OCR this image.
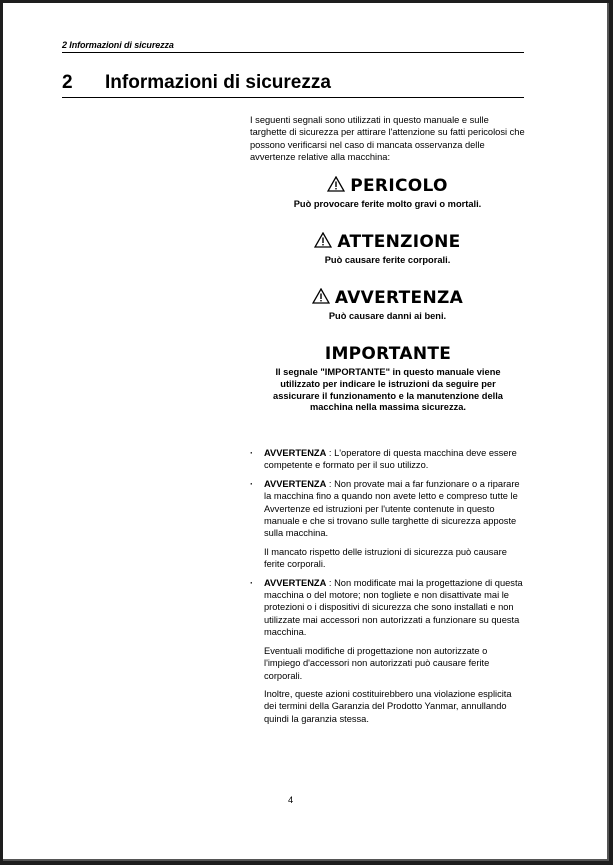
2 Informazioni di sicurezza
2 Informazioni di sicurezza
I seguenti segnali sono utilizzati in questo manuale e sulle targhette di sicurezza per attirare l'attenzione su fatti pericolosi che possono verificarsi nel caso di mancata osservanza delle avvertenze relative alla macchina:
PERICOLO
Può provocare ferite molto gravi o mortali.
ATTENZIONE
Può causare ferite corporali.
AVVERTENZA
Può causare danni ai beni.
IMPORTANTE
Il segnale "IMPORTANTE" in questo manuale viene utilizzato per indicare le istruzioni da seguire per assicurare il funzionamento e la manutenzione della macchina nella massima sicurezza.
· AVVERTENZA : L'operatore di questa macchina deve essere competente e formato per il suo utilizzo.

· AVVERTENZA : Non provate mai a far funzionare o a riparare la macchina fino a quando non avete letto e compreso tutte le Avvertenze ed istruzioni per l'utente contenute in questo manuale e che si trovano sulle targhette di sicurezza apposte sulla macchina.

Il mancato rispetto delle istruzioni di sicurezza può causare ferite corporali.

· AVVERTENZA : Non modificate mai la progettazione di questa macchina o del motore; non togliete e non disattivate mai le protezioni o i dispositivi di sicurezza che sono installati e non utilizzate mai accessori non autorizzati a funzionare su questa macchina.

Eventuali modifiche di progettazione non autorizzate o l'impiego d'accessori non autorizzati può causare ferite corporali.

Inoltre, queste azioni costituirebbero una violazione esplicita dei termini della Garanzia del Prodotto Yanmar, annullando quindi la garanzia stessa.

4
